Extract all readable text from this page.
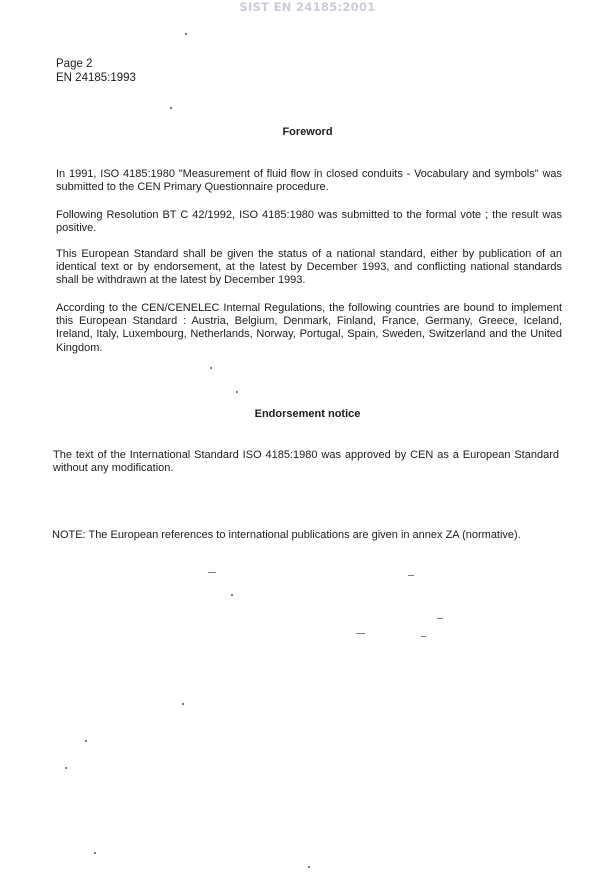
SIST EN 24185:2001
Page 2
EN 24185:1993
Foreword

In 1991, ISO 4185:1980 "Measurement of fluid flow in closed conduits - Vocabulary and symbols" was submitted to the CEN Primary Questionnaire procedure.

Following Resolution BT C 42/1992, ISO 4185:1980 was submitted to the formal vote ; the result was positive.

This European Standard shall be given the status of a national standard, either by publication of an identical text or by endorsement, at the latest by December 1993, and conflicting national standards shall be withdrawn at the latest by December 1993.

According to the CEN/CENELEC Internal Regulations, the following countries are bound to implement this European Standard : Austria, Belgium, Denmark, Finland, France, Germany, Greece, Iceland, Ireland, Italy, Luxembourg, Netherlands, Norway, Portugal, Spain, Sweden, Switzerland and the United Kingdom.

Endorsement notice

The text of the International Standard ISO 4185:1980 was approved by CEN as a European Standard without any modification.

NOTE: The European references to international publications are given in annex ZA (normative).
